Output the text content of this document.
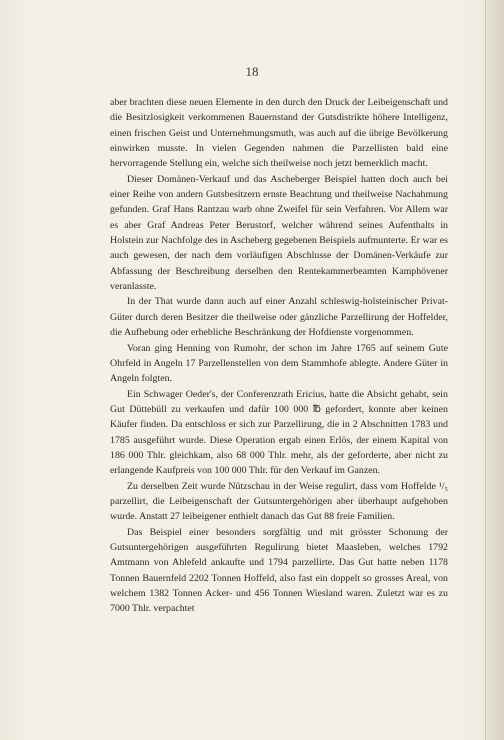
18

aber brachten diese neuen Elemente in den durch den Druck der Leibeigenschaft und die Besitzlosigkeit verkommenen Bauernstand der Gutsdistrikte höhere Intelligenz, einen frischen Geist und Unternehmungsmuth, was auch auf die übrige Bevölkerung einwirken musste. In vielen Gegenden nahmen die Parzellisten bald eine hervorragende Stellung ein, welche sich theilweise noch jetzt bemerklich macht.

Dieser Domänen-Verkauf und das Ascheberger Beispiel hatten doch auch bei einer Reihe von andern Gutsbesitzern ernste Beachtung und theilweise Nachahmung gefunden. Graf Hans Rantzau warb ohne Zweifel für sein Verfahren. Vor Allem war es aber Graf Andreas Peter Berustorf, welcher während seines Aufenthalts in Holstein zur Nachfolge des in Ascheberg gegebenen Beispiels aufmunterte. Er war es auch gewesen, der nach dem vorläufigen Abschlusse der Domänen-Verkäufe zur Abfassung der Beschreibung derselben den Rentekammerbeamten Kamphövener veranlasste.

In der That wurde dann auch auf einer Anzahl schleswig-holsteinischer Privat-Güter durch deren Besitzer die theilweise oder gänzliche Parzellirung der Hoffelder, die Aufhebung oder erhebliche Beschränkung der Hofdienste vorgenommen.

Voran ging Henning von Rumohr, der schon im Jahre 1765 auf seinem Gute Ohrfeld in Angeln 17 Parzellenstellen von dem Stammhofe ablegte. Andere Güter in Angeln folgten.

Ein Schwager Oeder's, der Conferenzrath Ericius, hatte die Absicht gehabt, sein Gut Düttebüll zu verkaufen und dafür 100 000 ℔ gefordert, konnte aber keinen Käufer finden. Da entschloss er sich zur Parzellirung, die in 2 Abschnitten 1783 und 1785 ausgeführt wurde. Diese Operation ergab einen Erlös, der einem Kapital von 186 000 Thlr. gleichkam, also 68 000 Thlr. mehr, als der geforderte, aber nicht zu erlangende Kaufpreis von 100 000 Thlr. für den Verkauf im Ganzen.

Zu derselben Zeit wurde Nützschau in der Weise regulirt, dass vom Hoffelde ¹/₅ parzellirt, die Leibeigenschaft der Gutsuntergehörigen aber überhaupt aufgehoben wurde. Anstatt 27 leibeigener enthielt danach das Gut 88 freie Familien.

Das Beispiel einer besonders sorgfältig und mit grösster Schonung der Gutsuntergehörigen ausgeführten Regulirung bietet Maasleben, welches 1792 Amtmann von Ahlefeld ankaufte und 1794 parzellirte. Das Gut hatte neben 1178 Tonnen Bauernfeld 2202 Tonnen Hoffeld, also fast ein doppelt so grosses Areal, von welchem 1382 Tonnen Acker- und 456 Tonnen Wiesland waren. Zuletzt war es zu 7000 Thlr. verpachtet
